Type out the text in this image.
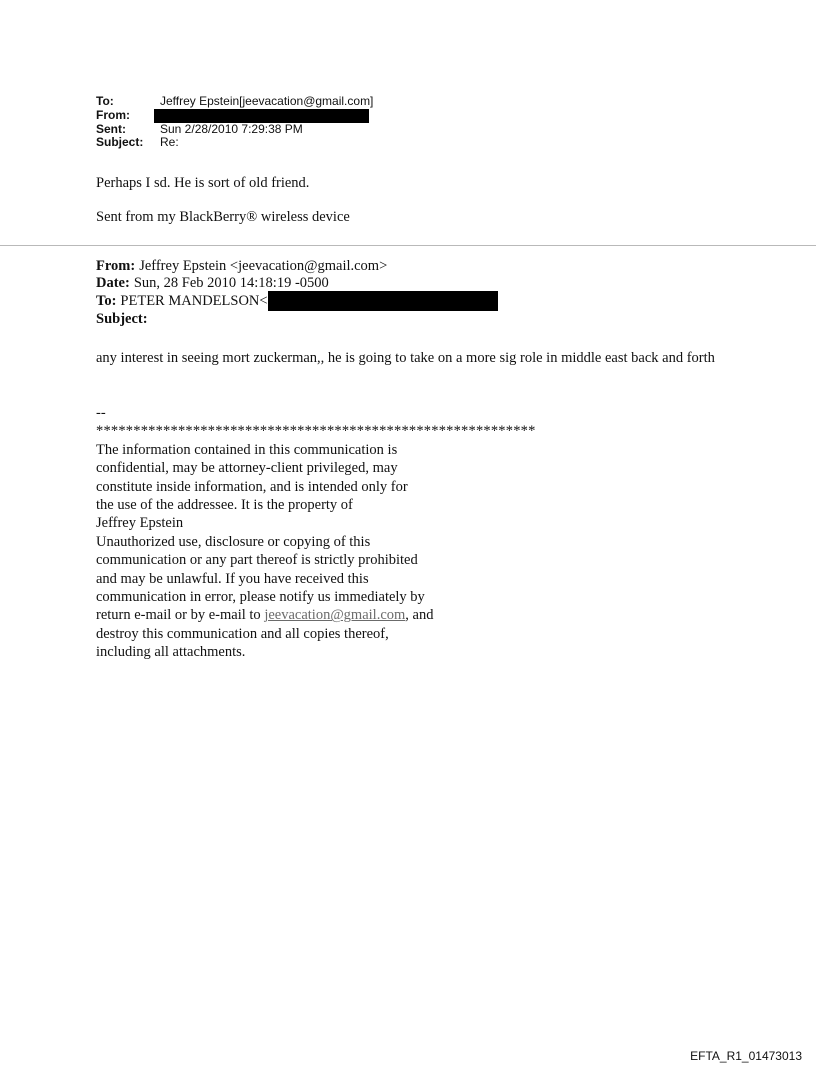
To:	Jeffrey Epstein[jeevacation@gmail.com]
From:
Sent:	Sun 2/28/2010 7:29:38 PM
Subject:	Re:

Perhaps I sd. He is sort of old friend.

Sent from my BlackBerry® wireless device

From: Jeffrey Epstein <jeevacation@gmail.com>
Date: Sun, 28 Feb 2010 14:18:19 -0500
To: PETER MANDELSON<
Subject:

any interest in seeing mort zuckerman,, he is going to take on a more sig role in middle east back and forth

--
***********************************************************
The information contained in this communication is
confidential, may be attorney-client privileged, may
constitute inside information, and is intended only for
the use of the addressee. It is the property of
Jeffrey Epstein
Unauthorized use, disclosure or copying of this
communication or any part thereof is strictly prohibited
and may be unlawful. If you have received this
communication in error, please notify us immediately by
return e-mail or by e-mail to jeevacation@gmail.com, and
destroy this communication and all copies thereof,
including all attachments.
EFTA_R1_01473013
